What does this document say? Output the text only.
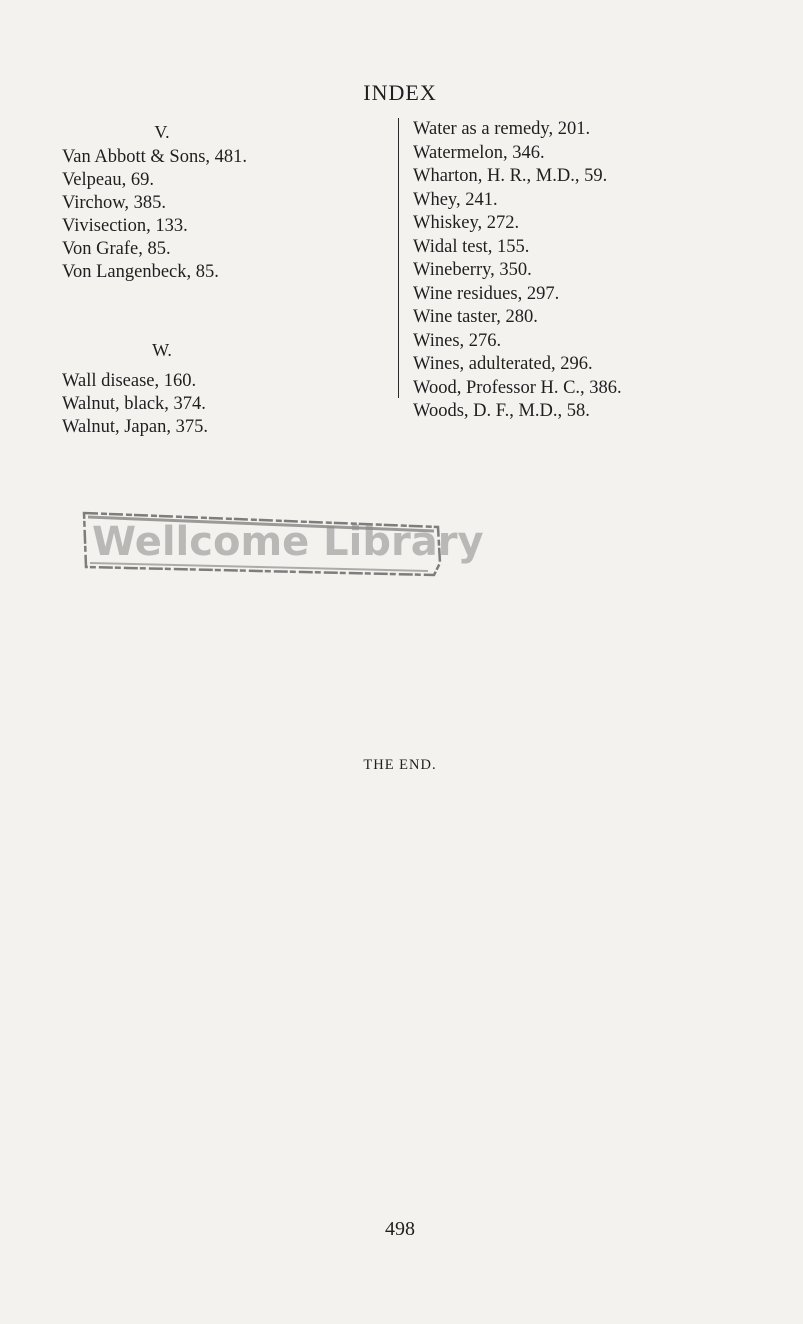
INDEX
V.
Van Abbott & Sons, 481.
Velpeau, 69.
Virchow, 385.
Vivisection, 133.
Von Grafe, 85.
Von Langenbeck, 85.
W.
Wall disease, 160.
Walnut, black, 374.
Walnut, Japan, 375.
Water as a remedy, 201.
Watermelon, 346.
Wharton, H. R., M.D., 59.
Whey, 241.
Whiskey, 272.
Widal test, 155.
Wineberry, 350.
Wine residues, 297.
Wine taster, 280.
Wines, 276.
Wines, adulterated, 296.
Wood, Professor H. C., 386.
Woods, D. F., M.D., 58.
Wellcome Library
THE END.
498
